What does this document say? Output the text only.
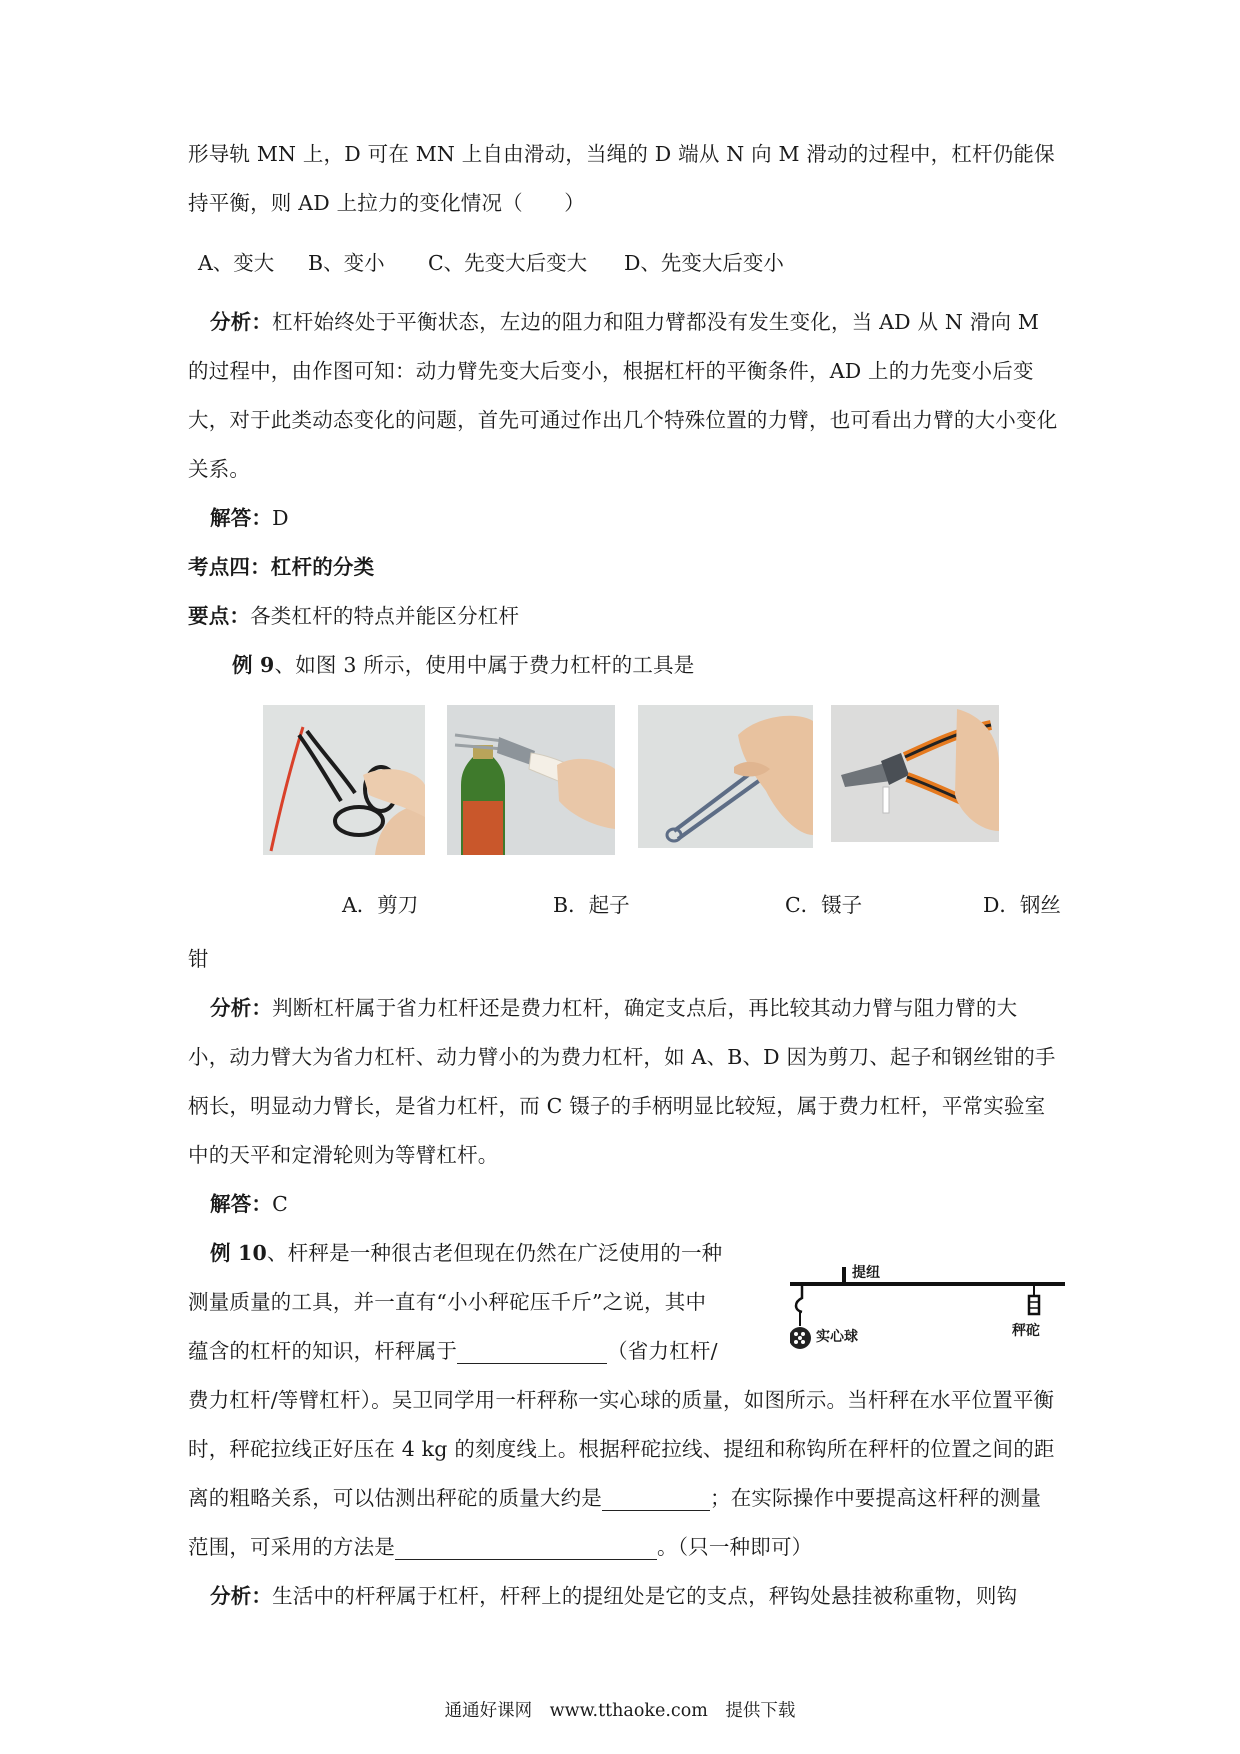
形导轨 MN 上，D 可在 MN 上自由滑动，当绳的 D 端从 N 向 M 滑动的过程中，杠杆仍能保持平衡，则 AD 上拉力的变化情况（　　）

A、变大 B、变小 C、先变大后变大 D、先变大后变小

分析：杠杆始终处于平衡状态，左边的阻力和阻力臂都没有发生变化，当 AD 从 N 滑向 M 的过程中，由作图可知：动力臂先变大后变小，根据杠杆的平衡条件，AD 上的力先变小后变大，对于此类动态变化的问题，首先可通过作出几个特殊位置的力臂，也可看出力臂的大小变化关系。

解答：D

考点四：杠杆的分类

要点：各类杠杆的特点并能区分杠杆

例 9、如图 3 所示，使用中属于费力杠杆的工具是

A．剪刀	B．起子	C．镊子	D．钢丝

钳

分析：判断杠杆属于省力杠杆还是费力杠杆，确定支点后，再比较其动力臂与阻力臂的大小，动力臂大为省力杠杆、动力臂小的为费力杠杆，如 A、B、D 因为剪刀、起子和钢丝钳的手柄长，明显动力臂长，是省力杠杆，而 C 镊子的手柄明显比较短，属于费力杠杆，平常实验室中的天平和定滑轮则为等臂杠杆。

解答：C

例 10、杆秤是一种很古老但现在仍然在广泛使用的一种

测量质量的工具，并一直有“小小秤砣压千斤”之说，其中

蕴含的杠杆的知识，杆秤属于	（省力杠杆/

提纽
实心球	秤砣

费力杠杆/等臂杠杆）。吴卫同学用一杆秤称一实心球的质量，如图所示。当杆秤在水平位置平衡时，秤砣拉线正好压在 4 kg 的刻度线上。根据秤砣拉线、提纽和称钩所在秤杆的位置之间的距离的粗略关系，可以估测出秤砣的质量大约是	；在实际操作中要提高这杆秤的测量范围，可采用的方法是	。（只一种即可）

分析：生活中的杆秤属于杠杆，杆秤上的提纽处是它的支点，秤钩处悬挂被称重物，则钩

通通好课网　www.tthaoke.com　提供下载
